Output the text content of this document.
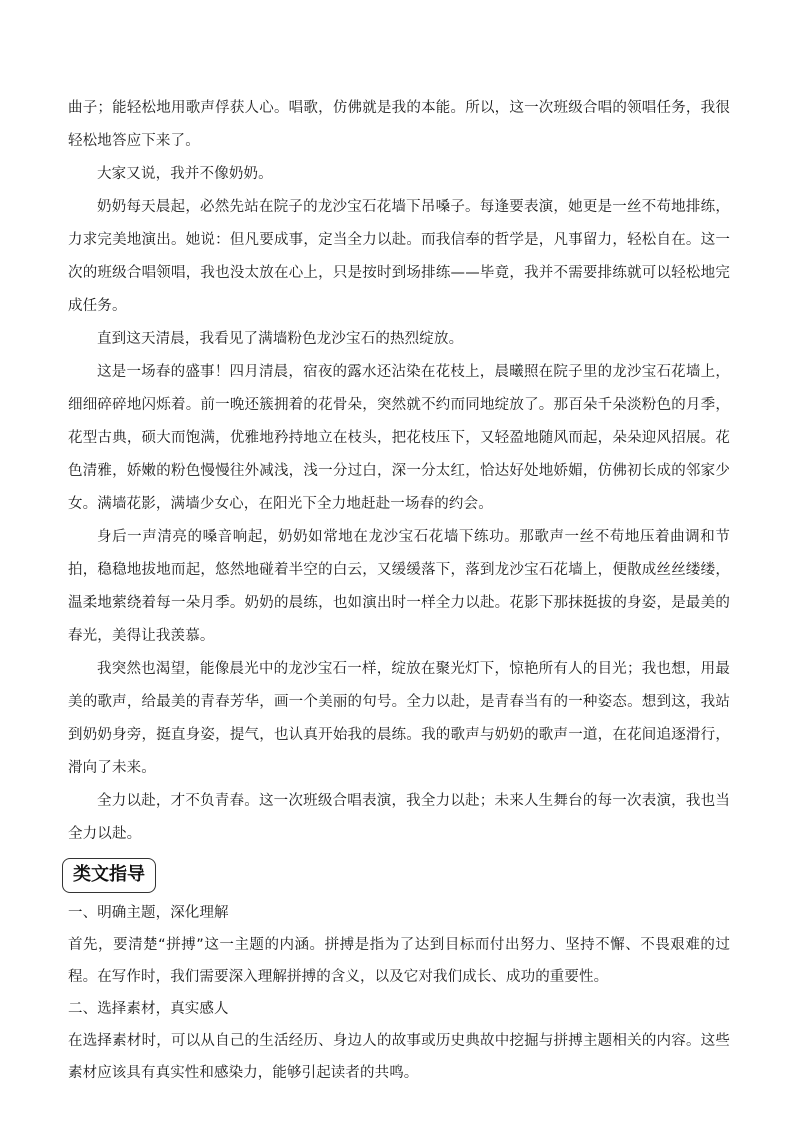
曲子；能轻松地用歌声俘获人心。唱歌，仿佛就是我的本能。所以，这一次班级合唱的领唱任务，我很轻松地答应下来了。

大家又说，我并不像奶奶。

奶奶每天晨起，必然先站在院子的龙沙宝石花墙下吊嗓子。每逢要表演，她更是一丝不苟地排练，力求完美地演出。她说：但凡要成事，定当全力以赴。而我信奉的哲学是，凡事留力，轻松自在。这一次的班级合唱领唱，我也没太放在心上，只是按时到场排练——毕竟，我并不需要排练就可以轻松地完成任务。

直到这天清晨，我看见了满墙粉色龙沙宝石的热烈绽放。

这是一场春的盛事！四月清晨，宿夜的露水还沾染在花枝上，晨曦照在院子里的龙沙宝石花墙上，细细碎碎地闪烁着。前一晚还簇拥着的花骨朵，突然就不约而同地绽放了。那百朵千朵淡粉色的月季，花型古典，硕大而饱满，优雅地矜持地立在枝头，把花枝压下，又轻盈地随风而起，朵朵迎风招展。花色清雅，娇嫩的粉色慢慢往外减浅，浅一分过白，深一分太红，恰达好处地娇媚，仿佛初长成的邻家少女。满墙花影，满墙少女心，在阳光下全力地赶赴一场春的约会。

身后一声清亮的嗓音响起，奶奶如常地在龙沙宝石花墙下练功。那歌声一丝不苟地压着曲调和节拍，稳稳地拔地而起，悠然地碰着半空的白云，又缓缓落下，落到龙沙宝石花墙上，便散成丝丝缕缕，温柔地萦绕着每一朵月季。奶奶的晨练，也如演出时一样全力以赴。花影下那抹挺拔的身姿，是最美的春光，美得让我羡慕。

我突然也渴望，能像晨光中的龙沙宝石一样，绽放在聚光灯下，惊艳所有人的目光；我也想，用最美的歌声，给最美的青春芳华，画一个美丽的句号。全力以赴，是青春当有的一种姿态。想到这，我站到奶奶身旁，挺直身姿，提气，也认真开始我的晨练。我的歌声与奶奶的歌声一道，在花间追逐滑行，滑向了未来。

全力以赴，才不负青春。这一次班级合唱表演，我全力以赴；未来人生舞台的每一次表演，我也当全力以赴。

类文指导

一、明确主题，深化理解

首先，要清楚“拼搏”这一主题的内涵。拼搏是指为了达到目标而付出努力、坚持不懈、不畏艰难的过程。在写作时，我们需要深入理解拼搏的含义，以及它对我们成长、成功的重要性。

二、选择素材，真实感人

在选择素材时，可以从自己的生活经历、身边人的故事或历史典故中挖掘与拼搏主题相关的内容。这些素材应该具有真实性和感染力，能够引起读者的共鸣。
